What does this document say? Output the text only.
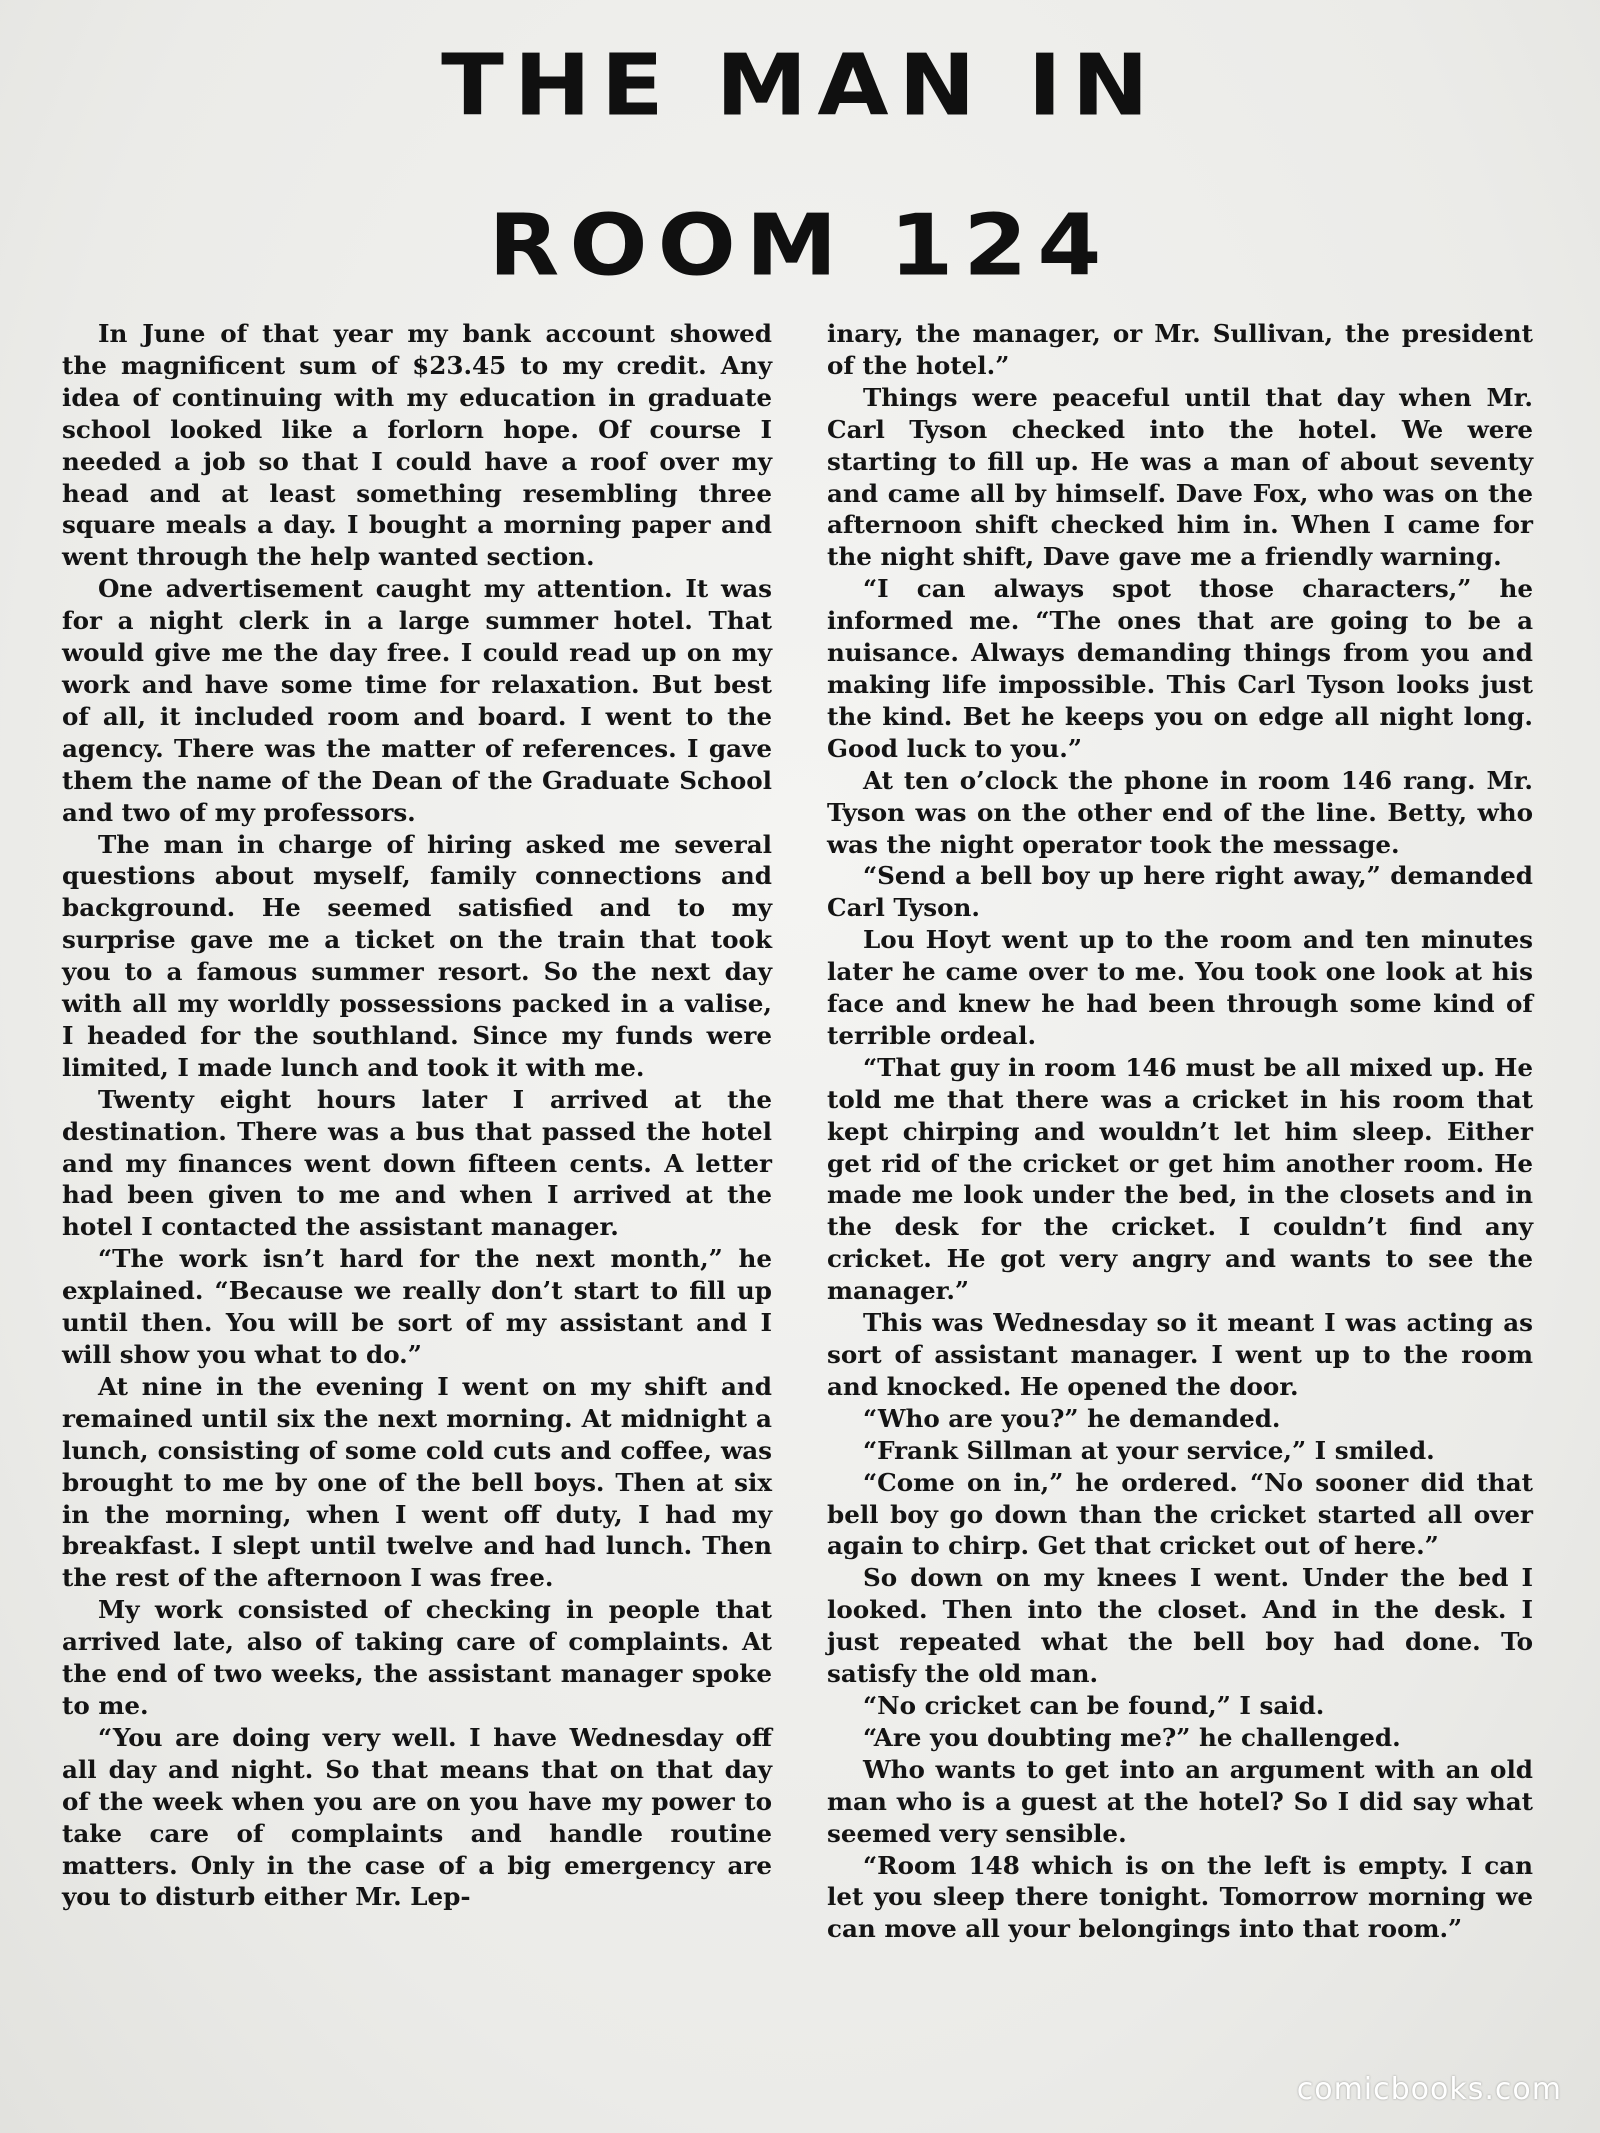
THE MAN IN
ROOM 124

In June of that year my bank account showed the magnificent sum of $23.45 to my credit. Any idea of continuing with my education in graduate school looked like a forlorn hope. Of course I needed a job so that I could have a roof over my head and at least something resembling three square meals a day. I bought a morning paper and went through the help wanted section.

One advertisement caught my attention. It was for a night clerk in a large summer hotel. That would give me the day free. I could read up on my work and have some time for relaxation. But best of all, it included room and board. I went to the agency. There was the matter of references. I gave them the name of the Dean of the Graduate School and two of my professors.

The man in charge of hiring asked me several questions about myself, family connections and background. He seemed satisfied and to my surprise gave me a ticket on the train that took you to a famous summer resort. So the next day with all my worldly possessions packed in a valise, I headed for the southland. Since my funds were limited, I made lunch and took it with me.

Twenty eight hours later I arrived at the destination. There was a bus that passed the hotel and my finances went down fifteen cents. A letter had been given to me and when I arrived at the hotel I contacted the assistant manager.

“The work isn’t hard for the next month,” he explained. “Because we really don’t start to fill up until then. You will be sort of my assistant and I will show you what to do.”

At nine in the evening I went on my shift and remained until six the next morning. At midnight a lunch, consisting of some cold cuts and coffee, was brought to me by one of the bell boys. Then at six in the morning, when I went off duty, I had my breakfast. I slept until twelve and had lunch. Then the rest of the afternoon I was free.

My work consisted of checking in people that arrived late, also of taking care of complaints. At the end of two weeks, the assistant manager spoke to me.

“You are doing very well. I have Wednesday off all day and night. So that means that on that day of the week when you are on you have my power to take care of complaints and handle routine matters. Only in the case of a big emergency are you to disturb either Mr. Lep-

inary, the manager, or Mr. Sullivan, the president of the hotel.”

Things were peaceful until that day when Mr. Carl Tyson checked into the hotel. We were starting to fill up. He was a man of about seventy and came all by himself. Dave Fox, who was on the afternoon shift checked him in. When I came for the night shift, Dave gave me a friendly warning.

“I can always spot those characters,” he informed me. “The ones that are going to be a nuisance. Always demanding things from you and making life impossible. This Carl Tyson looks just the kind. Bet he keeps you on edge all night long. Good luck to you.”

At ten o’clock the phone in room 146 rang. Mr. Tyson was on the other end of the line. Betty, who was the night operator took the message.

“Send a bell boy up here right away,” demanded Carl Tyson.

Lou Hoyt went up to the room and ten minutes later he came over to me. You took one look at his face and knew he had been through some kind of terrible ordeal.

“That guy in room 146 must be all mixed up. He told me that there was a cricket in his room that kept chirping and wouldn’t let him sleep. Either get rid of the cricket or get him another room. He made me look under the bed, in the closets and in the desk for the cricket. I couldn’t find any cricket. He got very angry and wants to see the manager.”

This was Wednesday so it meant I was acting as sort of assistant manager. I went up to the room and knocked. He opened the door.

“Who are you?” he demanded.

“Frank Sillman at your service,” I smiled.

“Come on in,” he ordered. “No sooner did that bell boy go down than the cricket started all over again to chirp. Get that cricket out of here.”

So down on my knees I went. Under the bed I looked. Then into the closet. And in the desk. I just repeated what the bell boy had done. To satisfy the old man.

“No cricket can be found,” I said.

“Are you doubting me?” he challenged.

Who wants to get into an argument with an old man who is a guest at the hotel? So I did say what seemed very sensible.

“Room 148 which is on the left is empty. I can let you sleep there tonight. Tomorrow morning we can move all your belongings into that room.”

comicbooks.com
